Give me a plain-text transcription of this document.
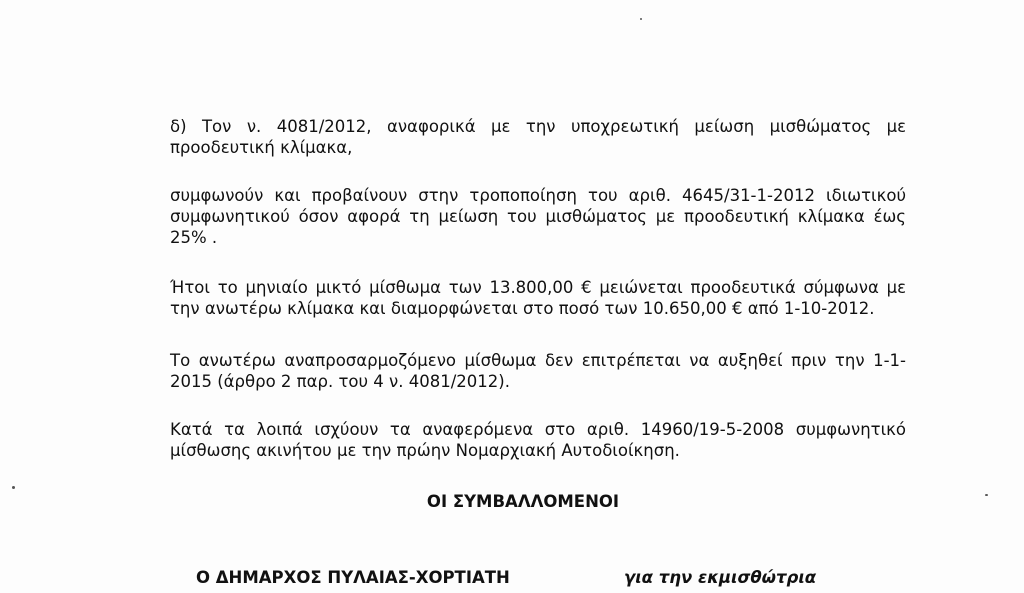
δ) Τον ν. 4081/2012, αναφορικά με την υποχρεωτική μείωση μισθώματος με
προοδευτική κλίμακα,
συμφωνούν και προβαίνουν στην τροποποίηση του αριθ. 4645/31-1-2012 ιδιωτικού
συμφωνητικού όσον αφορά τη μείωση του μισθώματος με προοδευτική κλίμακα έως
25% .
Ήτοι το μηνιαίο μικτό μίσθωμα των 13.800,00 € μειώνεται προοδευτικά σύμφωνα με
την ανωτέρω κλίμακα και διαμορφώνεται στο ποσό των 10.650,00 € από 1-10-2012.
Το ανωτέρω αναπροσαρμοζόμενο μίσθωμα δεν επιτρέπεται να αυξηθεί πριν την 1-1-
2015 (άρθρο 2 παρ. του 4 ν. 4081/2012).
Κατά τα λοιπά ισχύουν τα αναφερόμενα στο αριθ. 14960/19-5-2008 συμφωνητικό
μίσθωσης ακινήτου με την πρώην Νομαρχιακή Αυτοδιοίκηση.

ΟΙ ΣΥΜΒΑΛΛΟΜΕΝΟΙ

Ο ΔΗΜΑΡΧΟΣ ΠΥΛΑΙΑΣ-ΧΟΡΤΙΑΤΗ	για την εκμισθώτρια
